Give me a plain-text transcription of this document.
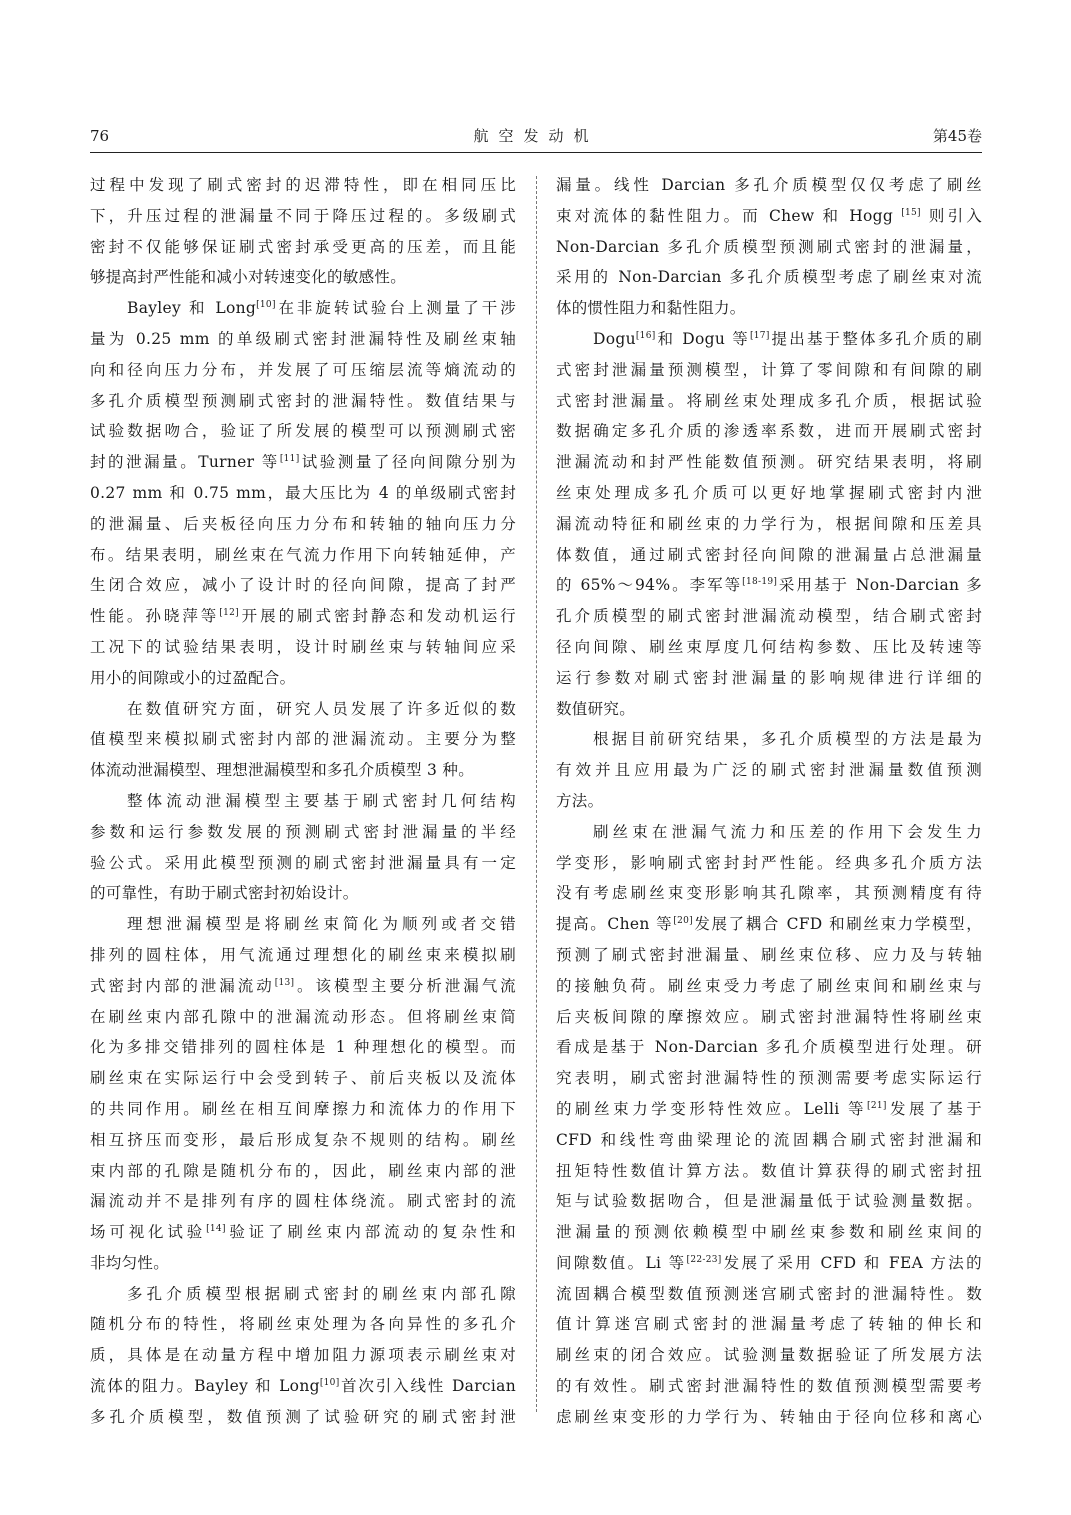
76	航空发动机	第45卷
过程中发现了刷式密封的迟滞特性，即在相同压比
下，升压过程的泄漏量不同于降压过程的。多级刷式
密封不仅能够保证刷式密封承受更高的压差，而且能
够提高封严性能和减小对转速变化的敏感性。
Bayley 和 Long[10]在非旋转试验台上测量了干涉
量为 0.25 mm 的单级刷式密封泄漏特性及刷丝束轴
向和径向压力分布，并发展了可压缩层流等熵流动的
多孔介质模型预测刷式密封的泄漏特性。数值结果与
试验数据吻合，验证了所发展的模型可以预测刷式密
封的泄漏量。Turner 等[11]试验测量了径向间隙分别为
0.27 mm 和 0.75 mm，最大压比为 4 的单级刷式密封
的泄漏量、后夹板径向压力分布和转轴的轴向压力分
布。结果表明，刷丝束在气流力作用下向转轴延伸，产
生闭合效应，减小了设计时的径向间隙，提高了封严
性能。孙晓萍等[12]开展的刷式密封静态和发动机运行
工况下的试验结果表明，设计时刷丝束与转轴间应采
用小的间隙或小的过盈配合。
在数值研究方面，研究人员发展了许多近似的数
值模型来模拟刷式密封内部的泄漏流动。主要分为整
体流动泄漏模型、理想泄漏模型和多孔介质模型 3 种。
整体流动泄漏模型主要基于刷式密封几何结构
参数和运行参数发展的预测刷式密封泄漏量的半经
验公式。采用此模型预测的刷式密封泄漏量具有一定
的可靠性，有助于刷式密封初始设计。
理想泄漏模型是将刷丝束简化为顺列或者交错
排列的圆柱体，用气流通过理想化的刷丝束来模拟刷
式密封内部的泄漏流动[13]。该模型主要分析泄漏气流
在刷丝束内部孔隙中的泄漏流动形态。但将刷丝束简
化为多排交错排列的圆柱体是 1 种理想化的模型。而
刷丝束在实际运行中会受到转子、前后夹板以及流体
的共同作用。刷丝在相互间摩擦力和流体力的作用下
相互挤压而变形，最后形成复杂不规则的结构。刷丝
束内部的孔隙是随机分布的，因此，刷丝束内部的泄
漏流动并不是排列有序的圆柱体绕流。刷式密封的流
场可视化试验[14]验证了刷丝束内部流动的复杂性和
非均匀性。
多孔介质模型根据刷式密封的刷丝束内部孔隙
随机分布的特性，将刷丝束处理为各向异性的多孔介
质，具体是在动量方程中增加阻力源项表示刷丝束对
流体的阻力。Bayley 和 Long[10]首次引入线性 Darcian
多孔介质模型，数值预测了试验研究的刷式密封泄
漏量。线性 Darcian 多孔介质模型仅仅考虑了刷丝
束对流体的黏性阻力。而 Chew 和 Hogg [15] 则引入
Non-Darcian 多孔介质模型预测刷式密封的泄漏量，
采用的 Non-Darcian 多孔介质模型考虑了刷丝束对流
体的惯性阻力和黏性阻力。
Dogu[16]和 Dogu 等[17]提出基于整体多孔介质的刷
式密封泄漏量预测模型，计算了零间隙和有间隙的刷
式密封泄漏量。将刷丝束处理成多孔介质，根据试验
数据确定多孔介质的渗透率系数，进而开展刷式密封
泄漏流动和封严性能数值预测。研究结果表明，将刷
丝束处理成多孔介质可以更好地掌握刷式密封内泄
漏流动特征和刷丝束的力学行为，根据间隙和压差具
体数值，通过刷式密封径向间隙的泄漏量占总泄漏量
的 65%～94%。李军等[18-19]采用基于 Non-Darcian 多
孔介质模型的刷式密封泄漏流动模型，结合刷式密封
径向间隙、刷丝束厚度几何结构参数、压比及转速等
运行参数对刷式密封泄漏量的影响规律进行详细的
数值研究。
根据目前研究结果，多孔介质模型的方法是最为
有效并且应用最为广泛的刷式密封泄漏量数值预测
方法。
刷丝束在泄漏气流力和压差的作用下会发生力
学变形，影响刷式密封封严性能。经典多孔介质方法
没有考虑刷丝束变形影响其孔隙率，其预测精度有待
提高。Chen 等[20]发展了耦合 CFD 和刷丝束力学模型，
预测了刷式密封泄漏量、刷丝束位移、应力及与转轴
的接触负荷。刷丝束受力考虑了刷丝束间和刷丝束与
后夹板间隙的摩擦效应。刷式密封泄漏特性将刷丝束
看成是基于 Non-Darcian 多孔介质模型进行处理。研
究表明，刷式密封泄漏特性的预测需要考虑实际运行
的刷丝束力学变形特性效应。Lelli 等[21]发展了基于
CFD 和线性弯曲梁理论的流固耦合刷式密封泄漏和
扭矩特性数值计算方法。数值计算获得的刷式密封扭
矩与试验数据吻合，但是泄漏量低于试验测量数据。
泄漏量的预测依赖模型中刷丝束参数和刷丝束间的
间隙数值。Li 等[22-23]发展了采用 CFD 和 FEA 方法的
流固耦合模型数值预测迷宫刷式密封的泄漏特性。数
值计算迷宫刷式密封的泄漏量考虑了转轴的伸长和
刷丝束的闭合效应。试验测量数据验证了所发展方法
的有效性。刷式密封泄漏特性的数值预测模型需要考
虑刷丝束变形的力学行为、转轴由于径向位移和离心
